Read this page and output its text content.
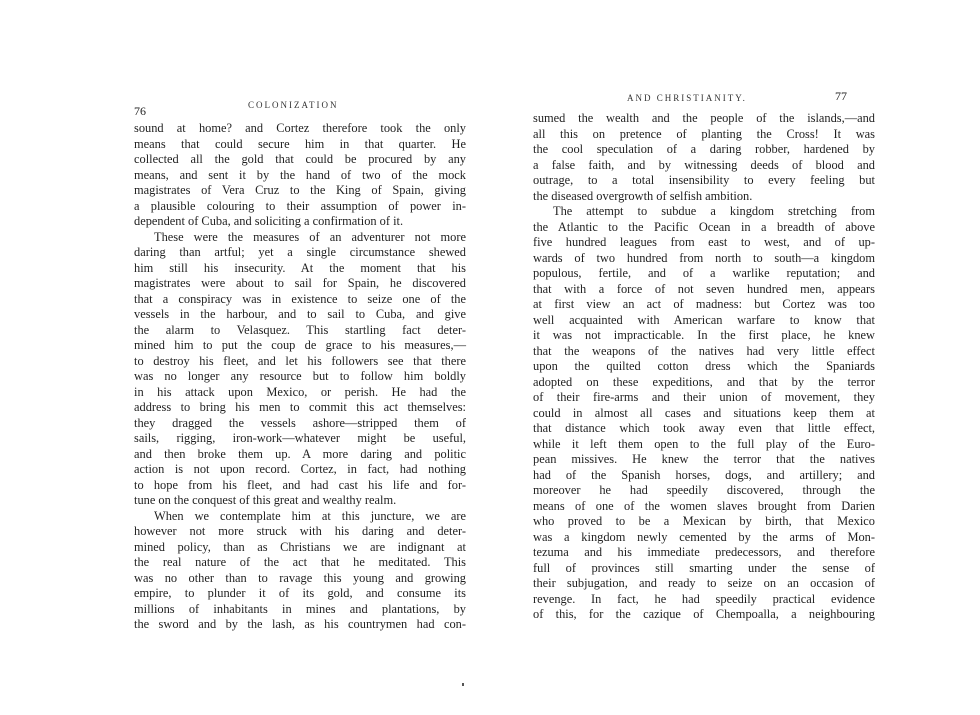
76	COLONIZATION
sound at home? and Cortez therefore took the only
means that could secure him in that quarter. He
collected all the gold that could be procured by any
means, and sent it by the hand of two of the mock
magistrates of Vera Cruz to the King of Spain, giving
a plausible colouring to their assumption of power in-
dependent of Cuba, and soliciting a confirmation of it.
These were the measures of an adventurer not more
daring than artful; yet a single circumstance shewed
him still his insecurity. At the moment that his
magistrates were about to sail for Spain, he discovered
that a conspiracy was in existence to seize one of the
vessels in the harbour, and to sail to Cuba, and give
the alarm to Velasquez. This startling fact deter-
mined him to put the coup de grace to his measures,—
to destroy his fleet, and let his followers see that there
was no longer any resource but to follow him boldly
in his attack upon Mexico, or perish. He had the
address to bring his men to commit this act themselves:
they dragged the vessels ashore—stripped them of
sails, rigging, iron-work—whatever might be useful,
and then broke them up. A more daring and politic
action is not upon record. Cortez, in fact, had nothing
to hope from his fleet, and had cast his life and for-
tune on the conquest of this great and wealthy realm.
When we contemplate him at this juncture, we are
however not more struck with his daring and deter-
mined policy, than as Christians we are indignant at
the real nature of the act that he meditated. This
was no other than to ravage this young and growing
empire, to plunder it of its gold, and consume its
millions of inhabitants in mines and plantations, by
the sword and by the lash, as his countrymen had con-
AND CHRISTIANITY.	77
sumed the wealth and the people of the islands,—and
all this on pretence of planting the Cross! It was
the cool speculation of a daring robber, hardened by
a false faith, and by witnessing deeds of blood and
outrage, to a total insensibility to every feeling but
the diseased overgrowth of selfish ambition.
The attempt to subdue a kingdom stretching from
the Atlantic to the Pacific Ocean in a breadth of above
five hundred leagues from east to west, and of up-
wards of two hundred from north to south—a kingdom
populous, fertile, and of a warlike reputation; and
that with a force of not seven hundred men, appears
at first view an act of madness: but Cortez was too
well acquainted with American warfare to know that
it was not impracticable. In the first place, he knew
that the weapons of the natives had very little effect
upon the quilted cotton dress which the Spaniards
adopted on these expeditions, and that by the terror
of their fire-arms and their union of movement, they
could in almost all cases and situations keep them at
that distance which took away even that little effect,
while it left them open to the full play of the Euro-
pean missives. He knew the terror that the natives
had of the Spanish horses, dogs, and artillery; and
moreover he had speedily discovered, through the
means of one of the women slaves brought from Darien
who proved to be a Mexican by birth, that Mexico
was a kingdom newly cemented by the arms of Mon-
tezuma and his immediate predecessors, and therefore
full of provinces still smarting under the sense of
their subjugation, and ready to seize on an occasion of
revenge. In fact, he had speedily practical evidence
of this, for the cazique of Chempoalla, a neighbouring
